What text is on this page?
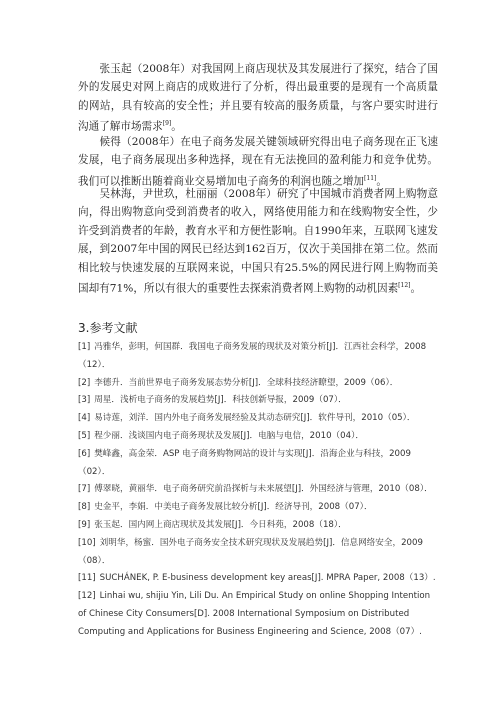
　　张玉起（2008年）对我国网上商店现状及其发展进行了探究，结合了国外的发展史对网上商店的成败进行了分析，得出最重要的是现有一个高质量的网站，具有较高的安全性；并且要有较高的服务质量，与客户要实时进行沟通了解市场需求[9]。
　　候得（2008年）在电子商务发展关键领域研究得出电子商务现在正飞速发展，电子商务展现出多种选择，现在有无法挽回的盈利能力和竞争优势。我们可以推断出随着商业交易增加电子商务的利润也随之增加[11]。
　　吴林海，尹世玖，杜丽丽（2008年）研究了中国城市消费者网上购物意向，得出购物意向受到消费者的收入，网络使用能力和在线购物安全性，少许受到消费者的年龄，教育水平和方便性影响。自1990年来，互联网飞速发展，到2007年中国的网民已经达到162百万，仅次于美国排在第二位。然而相比较与快速发展的互联网来说，中国只有25.5%的网民进行网上购物而美国却有71%，所以有很大的重要性去探索消费者网上购物的动机因素[12]。
3.参考文献
[1] 冯雅华，彭明，何国群．我国电子商务发展的现状及对策分析[J]．江西社会科学，2008（12）．
[2] 李德升．当前世界电子商务发展态势分析[J]．全球科技经济瞭望，2009（06）．
[3] 周星．浅析电子商务的发展趋势[J]．科技创新导报，2009（07）．
[4] 易诗莲，刘洋．国内外电子商务发展经验及其动态研究[J]．软件导刊，2010（05）．
[5] 程少丽．浅谈国内电子商务现状及发展[J]．电脑与电信，2010（04）．
[6] 樊峰鑫，高金荣．ASP 电子商务购物网站的设计与实现[J]．沿海企业与科技，2009（02）．
[7] 傅翠晓，黄丽华．电子商务研究前沿探析与未来展望[J]．外国经济与管理，2010（08）．
[8] 史金平，李娟．中美电子商务发展比较分析[J]．经济导刊，2008（07）．
[9] 张玉起．国内网上商店现状及其发展[J]．今日科苑，2008（18）．
[10] 刘明华，杨蜜．国外电子商务安全技术研究现状及发展趋势[J]．信息网络安全，2009（08）．
[11] SUCHÁNEK, P. E-business development key areas[J]. MPRA Paper, 2008（13）.
[12] Linhai wu, shijiu Yin, Lili Du. An Empirical Study on online Shopping Intention of Chinese City Consumers[D]. 2008 International Symposium on Distributed Computing and Applications for Business Engineering and Science, 2008（07）.
